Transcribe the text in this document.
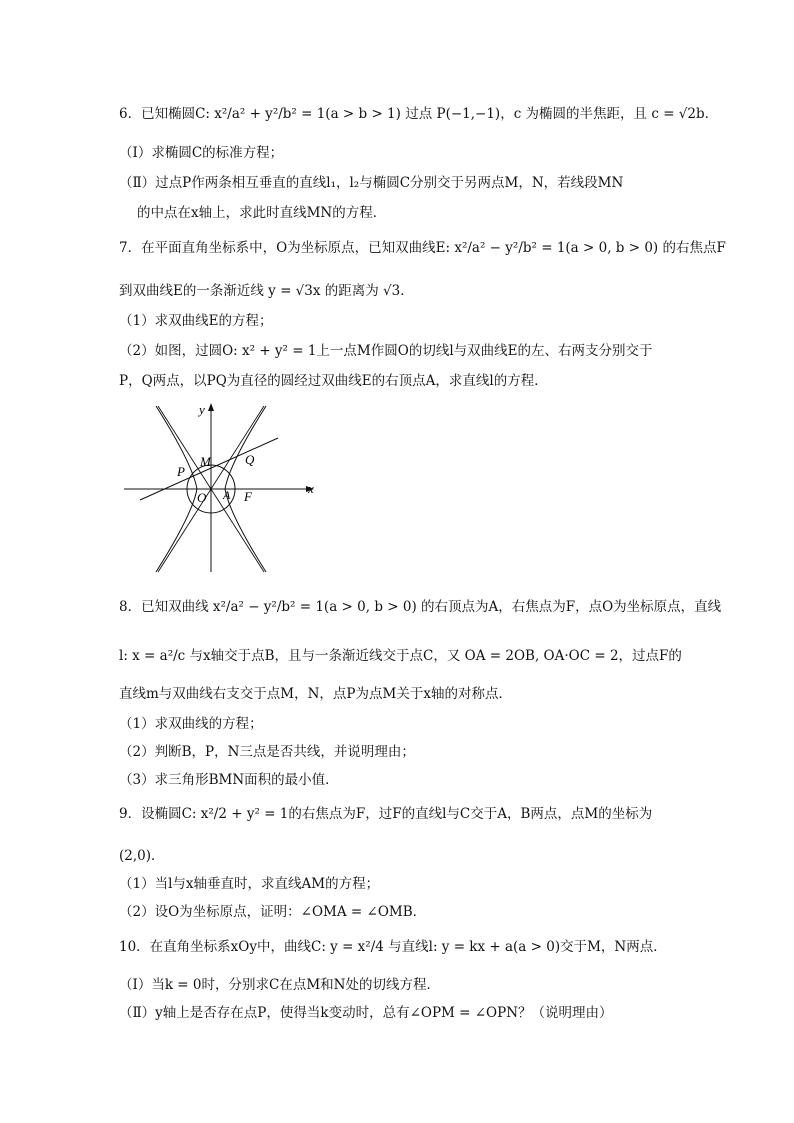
6．已知椭圆C: x²/a² + y²/b² = 1(a > b > 1) 过点 P(−1,−1)，c 为椭圆的半焦距，且 c = √2b．
（Ⅰ）求椭圆C的标准方程；
（Ⅱ）过点P作两条相互垂直的直线l₁，l₂与椭圆C分别交于另两点M，N，若线段MN
的中点在x轴上，求此时直线MN的方程．
7．在平面直角坐标系中，O为坐标原点，已知双曲线E: x²/a² − y²/b² = 1(a > 0, b > 0) 的右焦点F
到双曲线E的一条渐近线 y = √3x 的距离为 √3．
（1）求双曲线E的方程；
（2）如图，过圆O: x² + y² = 1上一点M作圆O的切线l与双曲线E的左、右两支分别交于
P，Q两点，以PQ为直径的圆经过双曲线E的右顶点A，求直线l的方程．
y
x
M	Q
P
O A F
8．已知双曲线 x²/a² − y²/b² = 1(a > 0, b > 0) 的右顶点为A，右焦点为F，点O为坐标原点，直线
l: x = a²/c 与x轴交于点B，且与一条渐近线交于点C，又 OA = 2OB, OA·OC = 2，过点F的
直线m与双曲线右支交于点M，N，点P为点M关于x轴的对称点．
（1）求双曲线的方程；
（2）判断B，P，N三点是否共线，并说明理由；
（3）求三角形BMN面积的最小值．
9．设椭圆C: x²/2 + y² = 1的右焦点为F，过F的直线l与C交于A，B两点，点M的坐标为
(2,0)．
（1）当l与x轴垂直时，求直线AM的方程；
（2）设O为坐标原点，证明：∠OMA = ∠OMB．
10．在直角坐标系xOy中，曲线C: y = x²/4 与直线l: y = kx + a(a > 0)交于M，N两点．
（Ⅰ）当k = 0时，分别求C在点M和N处的切线方程．
（Ⅱ）y轴上是否存在点P，使得当k变动时，总有∠OPM = ∠OPN？（说明理由）
